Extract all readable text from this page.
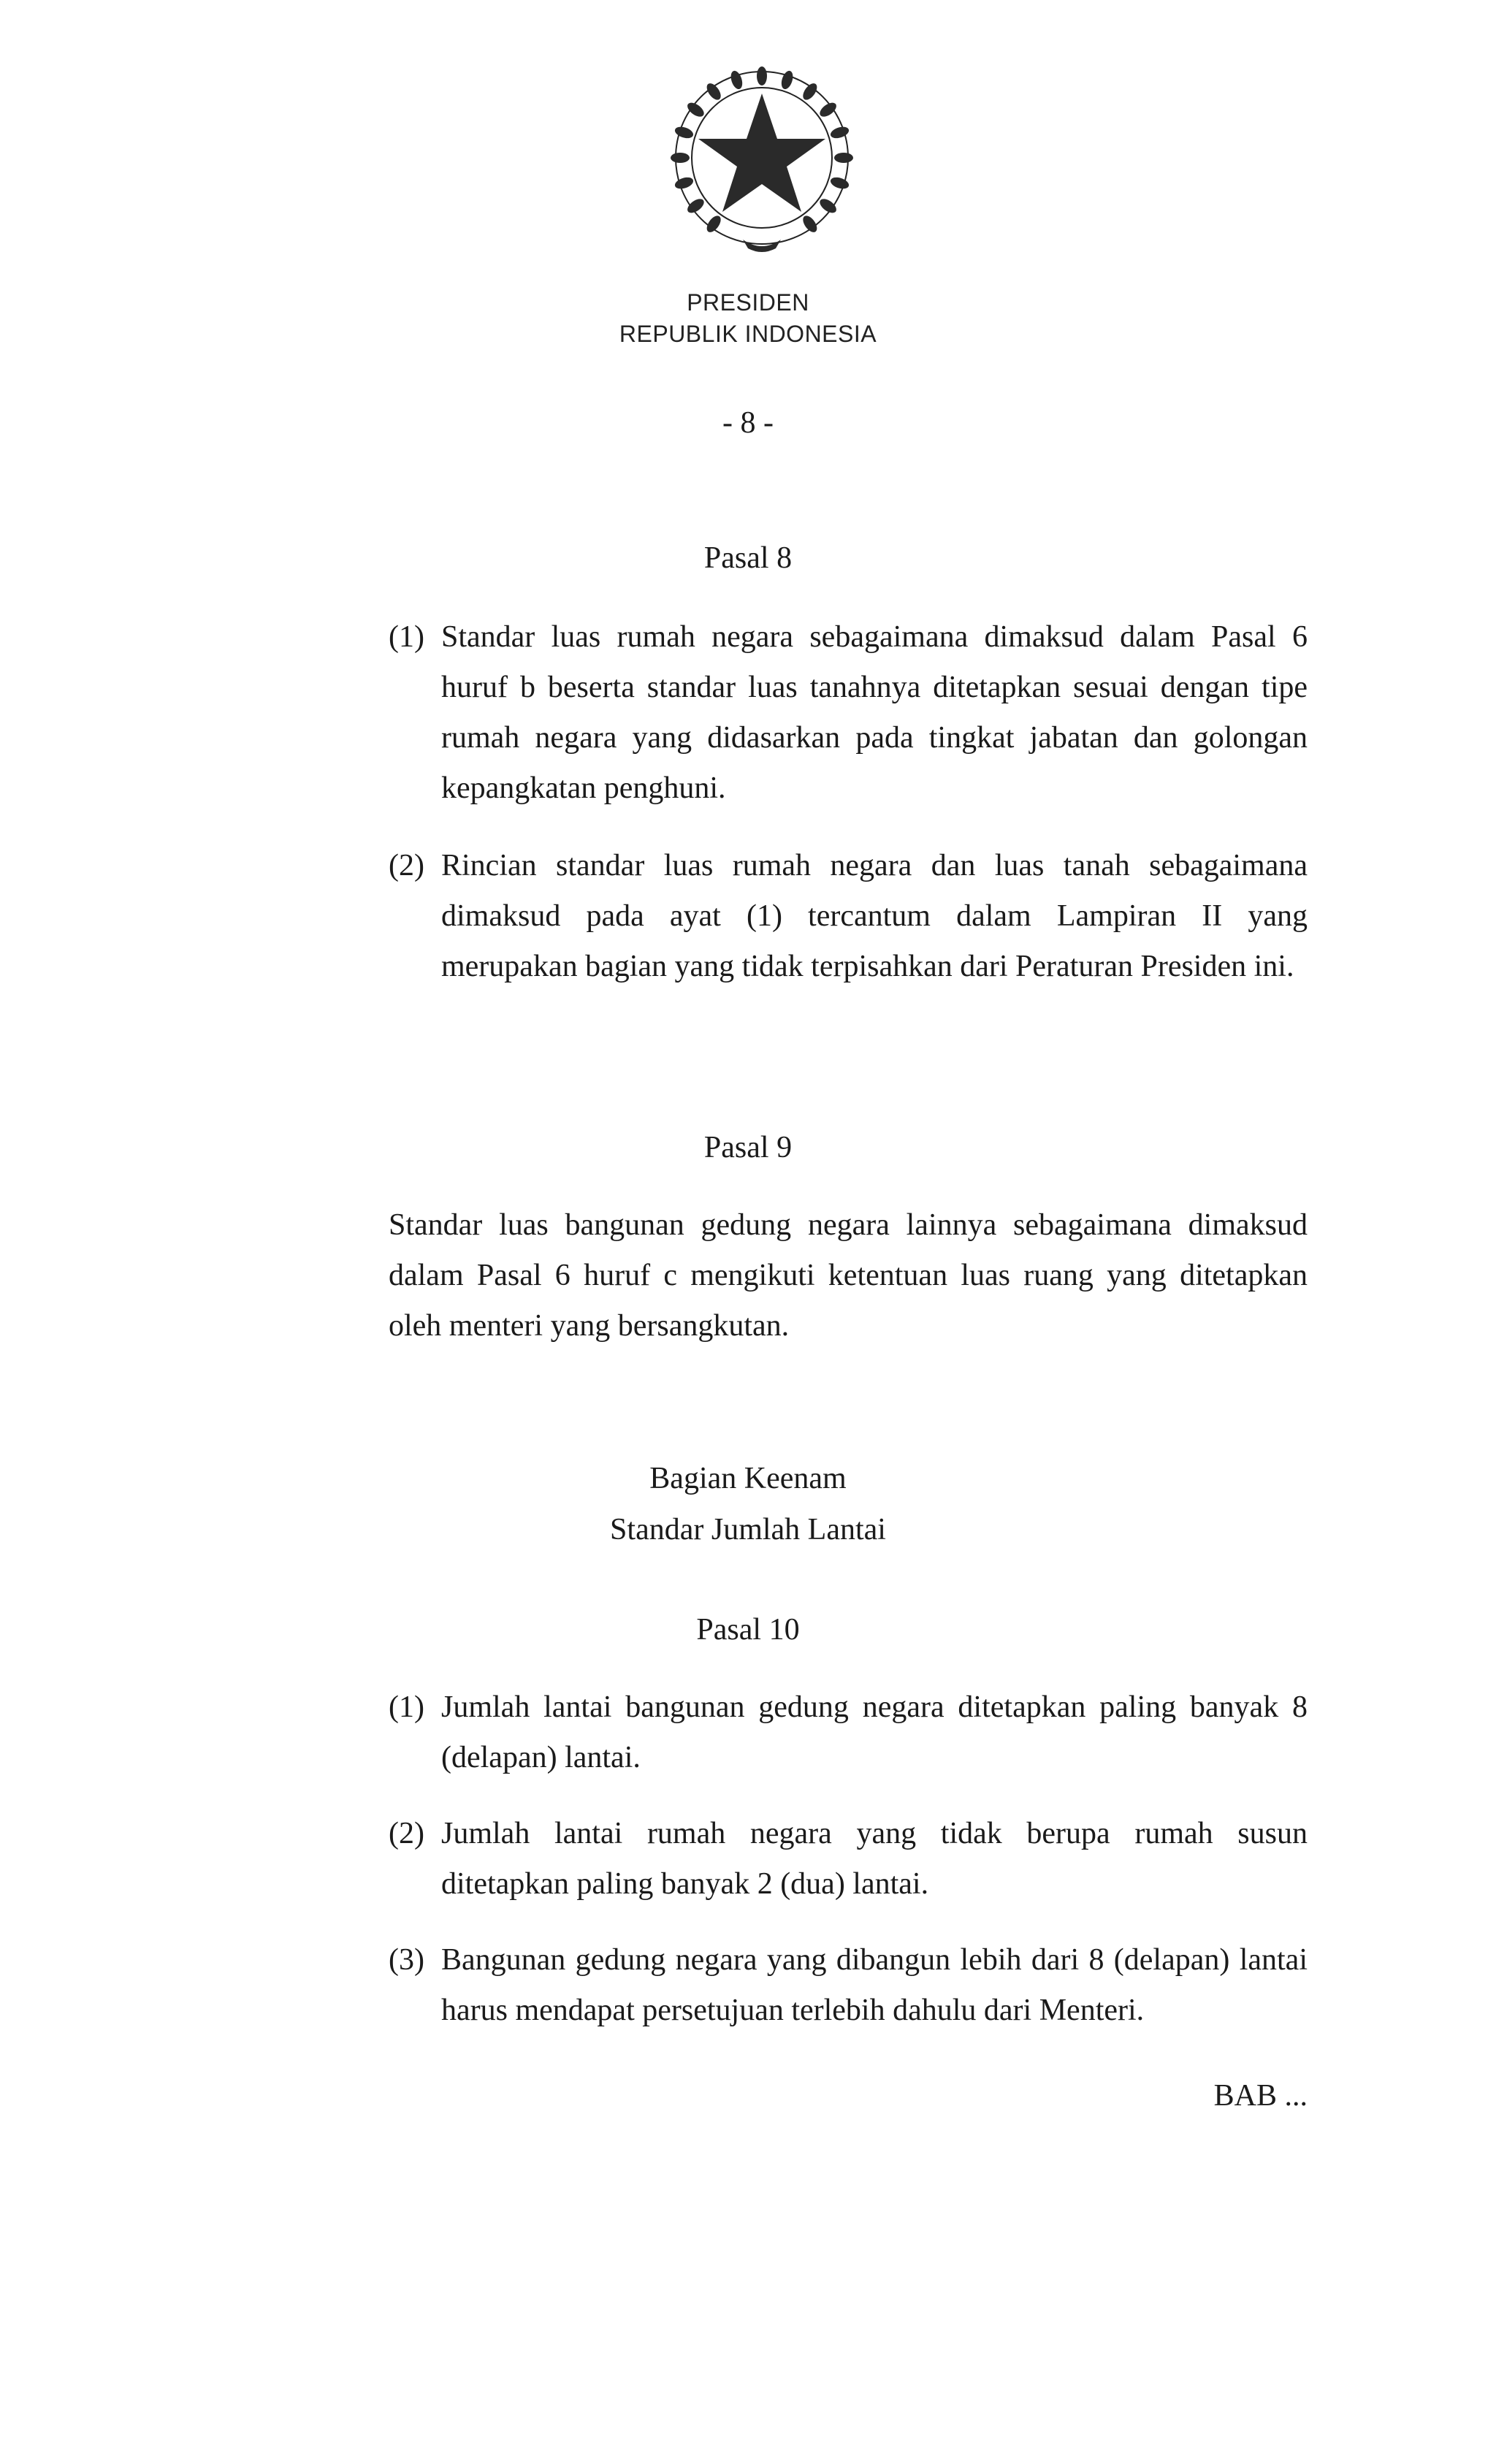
PRESIDEN
REPUBLIK INDONESIA
- 8 -
Pasal 8
(1) Standar luas rumah negara sebagaimana dimaksud dalam Pasal 6 huruf b beserta standar luas tanahnya ditetapkan sesuai dengan tipe rumah negara yang didasarkan pada tingkat jabatan dan golongan kepangkatan penghuni.
(2) Rincian standar luas rumah negara dan luas tanah sebagaimana dimaksud pada ayat (1) tercantum dalam Lampiran II yang merupakan bagian yang tidak terpisahkan dari Peraturan Presiden ini.
Pasal 9
Standar luas bangunan gedung negara lainnya sebagaimana dimaksud dalam Pasal 6 huruf c mengikuti ketentuan luas ruang yang ditetapkan oleh menteri yang bersangkutan.
Bagian Keenam
Standar Jumlah Lantai
Pasal 10
(1) Jumlah lantai bangunan gedung negara ditetapkan paling banyak 8 (delapan) lantai.
(2) Jumlah lantai rumah negara yang tidak berupa rumah susun ditetapkan paling banyak 2 (dua) lantai.
(3) Bangunan gedung negara yang dibangun lebih dari 8 (delapan) lantai harus mendapat persetujuan terlebih dahulu dari Menteri.
BAB ...
